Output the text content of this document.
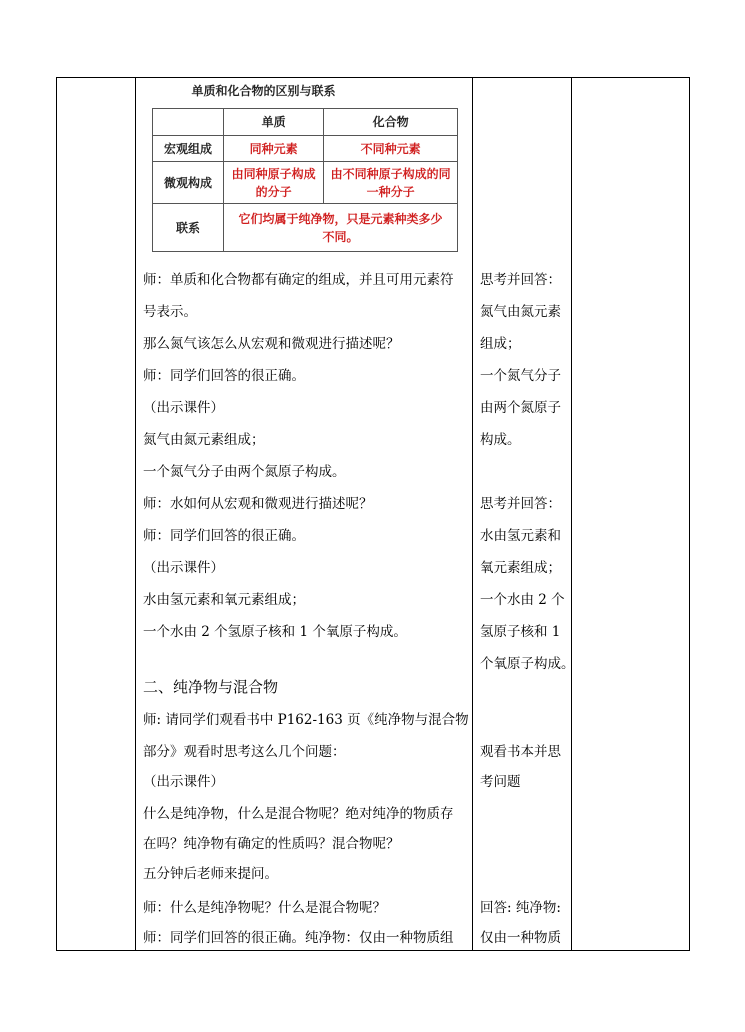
单质和化合物的区别与联系
	单质	化合物
宏观组成	同种元素	不同种元素
微观构成	由同种原子构成的分子	由不同种原子构成的同一种分子
联系	它们均属于纯净物，只是元素种类多少不同。	
师：单质和化合物都有确定的组成，并且可用元素符
号表示。
那么氮气该怎么从宏观和微观进行描述呢？
师：同学们回答的很正确。
（出示课件）
氮气由氮元素组成；
一个氮气分子由两个氮原子构成。
师：水如何从宏观和微观进行描述呢？
师：同学们回答的很正确。
（出示课件）
水由氢元素和氧元素组成；
一个水由 2 个氢原子核和 1 个氧原子构成。
二、纯净物与混合物
师: 请同学们观看书中 P162-163 页《纯净物与混合物
部分》观看时思考这么几个问题：
（出示课件）
什么是纯净物，什么是混合物呢？绝对纯净的物质存
在吗？纯净物有确定的性质吗？混合物呢？
五分钟后老师来提问。
师：什么是纯净物呢？什么是混合物呢？
师：同学们回答的很正确。纯净物：仅由一种物质组
思考并回答：
氮气由氮元素
组成；
一个氮气分子
由两个氮原子
构成。
思考并回答：
水由氢元素和
氧元素组成；
一个水由 2 个
氢原子核和 1
个氧原子构成。
观看书本并思
考问题
回答: 纯净物:
仅由一种物质
